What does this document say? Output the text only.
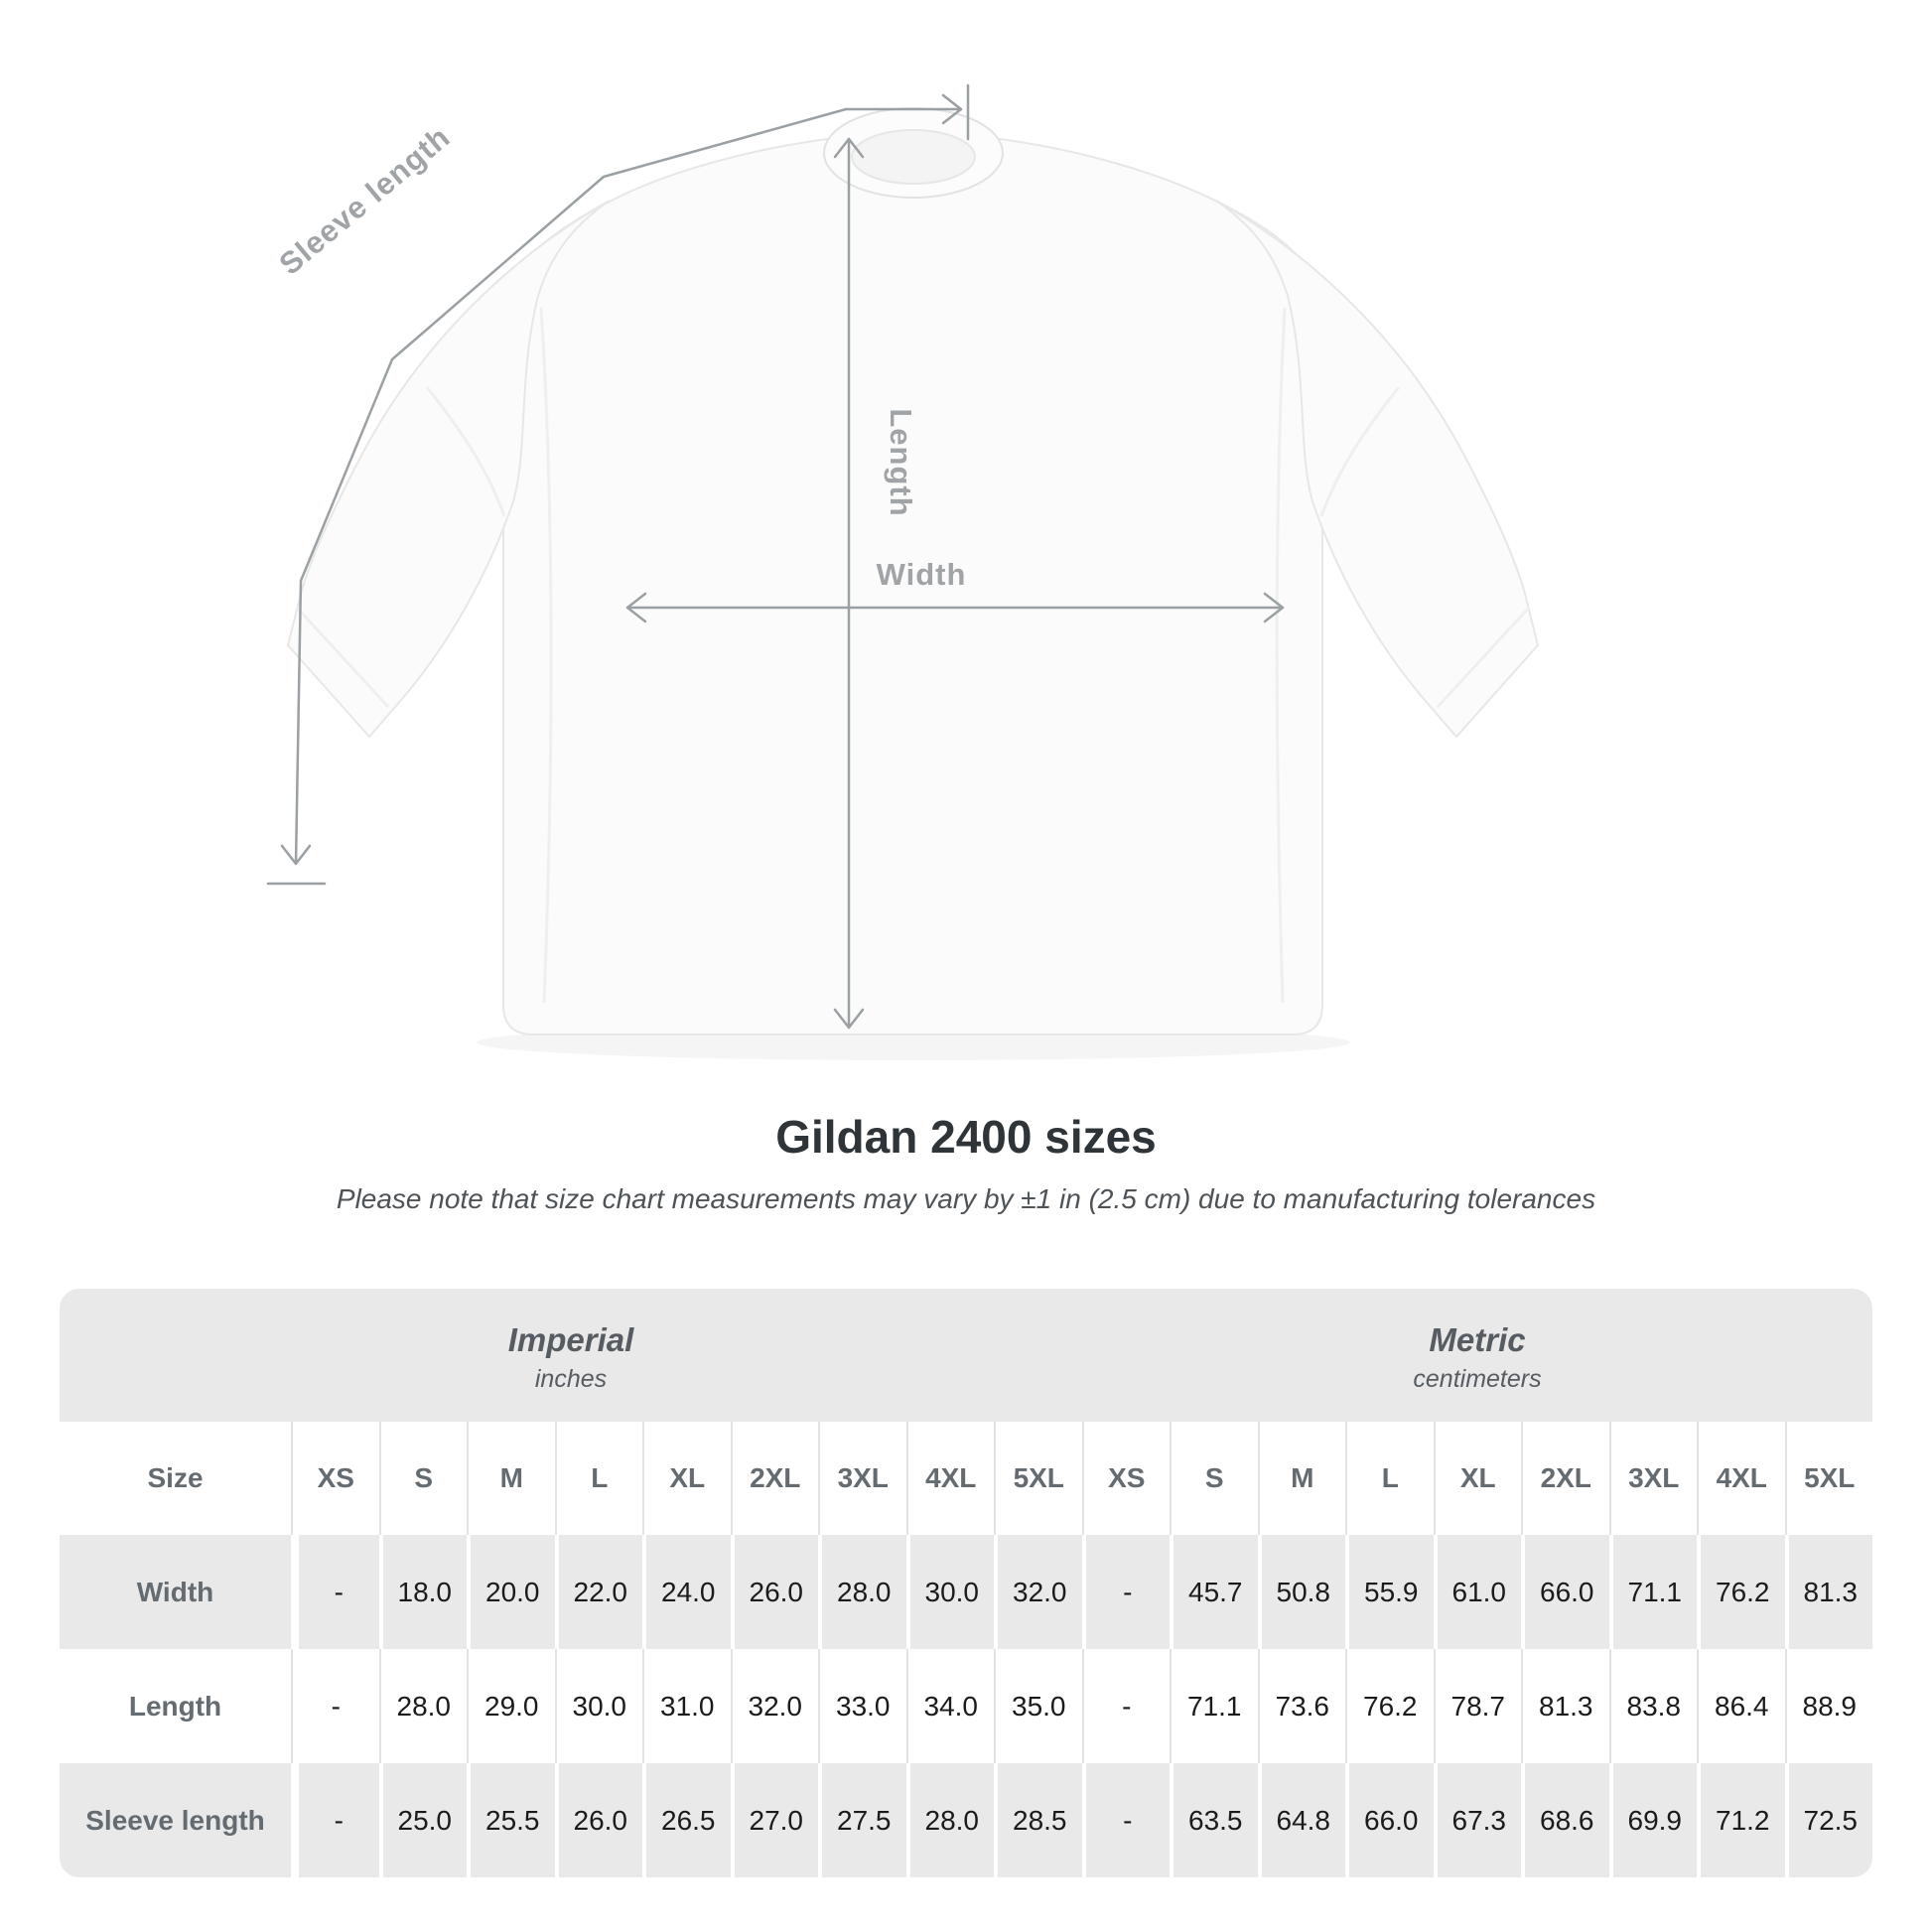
Length
Width
Sleeve length
Gildan 2400 sizes
Please note that size chart measurements may vary by ±1 in (2.5 cm) due to manufacturing tolerances
Imperial
inches
Metric
centimeters
Size	XS	S	M	L	XL	2XL	3XL	4XL	5XL	XS	S	M	L	XL	2XL	3XL	4XL	5XL
Width	-	18.0	20.0	22.0	24.0	26.0	28.0	30.0	32.0	-	45.7	50.8	55.9	61.0	66.0	71.1	76.2	81.3
Length	-	28.0	29.0	30.0	31.0	32.0	33.0	34.0	35.0	-	71.1	73.6	76.2	78.7	81.3	83.8	86.4	88.9
Sleeve length	-	25.0	25.5	26.0	26.5	27.0	27.5	28.0	28.5	-	63.5	64.8	66.0	67.3	68.6	69.9	71.2	72.5
